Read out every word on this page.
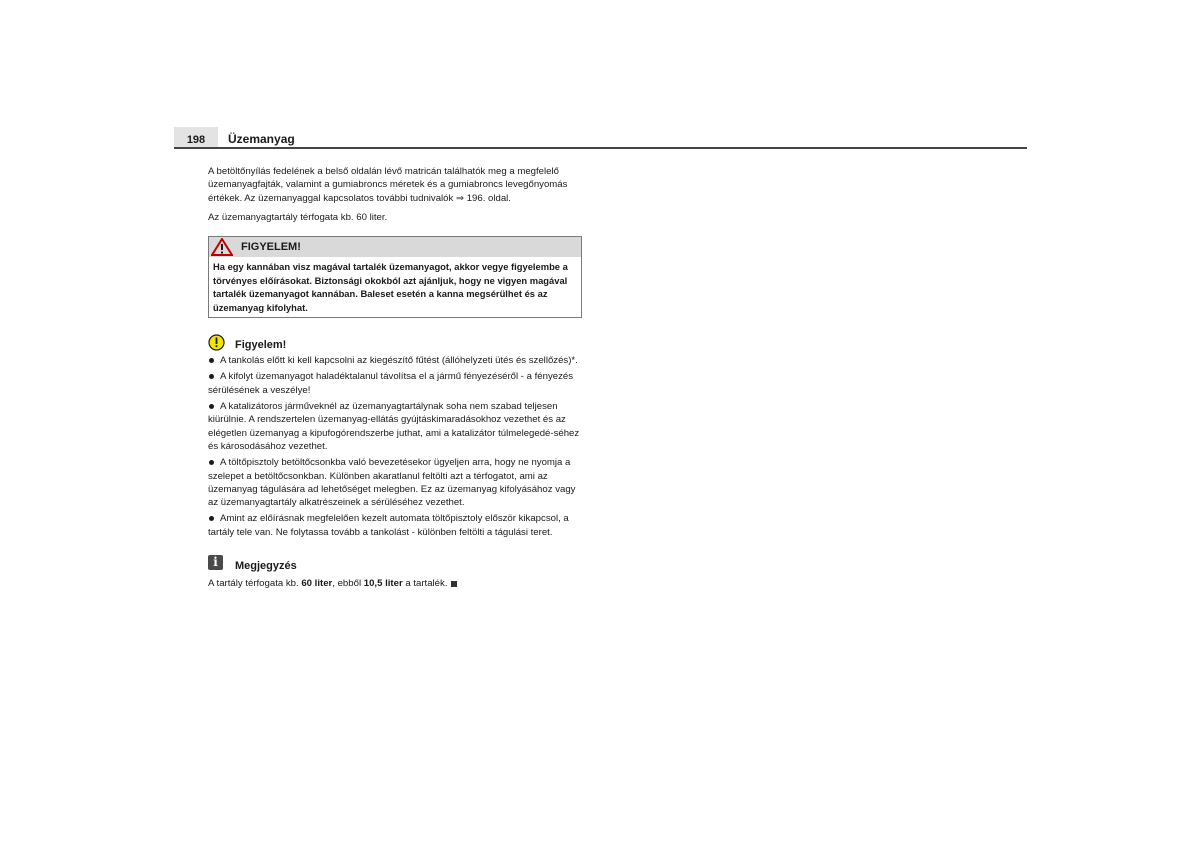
198	Üzemanyag

A betöltőnyílás fedelének a belső oldalán lévő matricán találhatók meg a megfelelő üzemanyagfajták, valamint a gumiabroncs méretek és a gumiabroncs levegőnyomás értékek. Az üzemanyaggal kapcsolatos további tudnivalók ⇒ 196. oldal.

Az üzemanyagtartály térfogata kb. 60 liter.

FIGYELEM!
Ha egy kannában visz magával tartalék üzemanyagot, akkor vegye figyelembe a törvényes előírásokat. Biztonsági okokból azt ajánljuk, hogy ne vigyen magával tartalék üzemanyagot kannában. Baleset esetén a kanna megsérülhet és az üzemanyag kifolyhat.
Figyelem!
A tankolás előtt ki kell kapcsolni az kiegészítő fűtést (állóhelyzeti ütés és szellőzés)*.
A kifolyt üzemanyagot haladéktalanul távolítsa el a jármű fényezéséről - a fényezés sérülésének a veszélye!
A katalizátoros járműveknél az üzemanyagtartálynak soha nem szabad teljesen kiürülnie. A rendszertelen üzemanyag-ellátás gyújtáskimaradásokhoz vezethet és az elégetlen üzemanyag a kipufogórendszerbe juthat, ami a katalizátor túlmelegedé-séhez és károsodásához vezethet.
A töltőpisztoly betöltőcsonkba való bevezetésekor ügyeljen arra, hogy ne nyomja a szelepet a betöltőcsonkban. Különben akaratlanul feltölti azt a térfogatot, ami az üzemanyag tágulására ad lehetőséget melegben. Ez az üzemanyag kifolyásához vagy az üzemanyagtartály alkatrészeinek a sérüléséhez vezethet.
Amint az előírásnak megfelelően kezelt automata töltőpisztoly először kikapcsol, a tartály tele van. Ne folytassa tovább a tankolást - különben feltölti a tágulási teret.
i	Megjegyzés
A tartály térfogata kb. 60 liter, ebből 10,5 liter a tartalék.
